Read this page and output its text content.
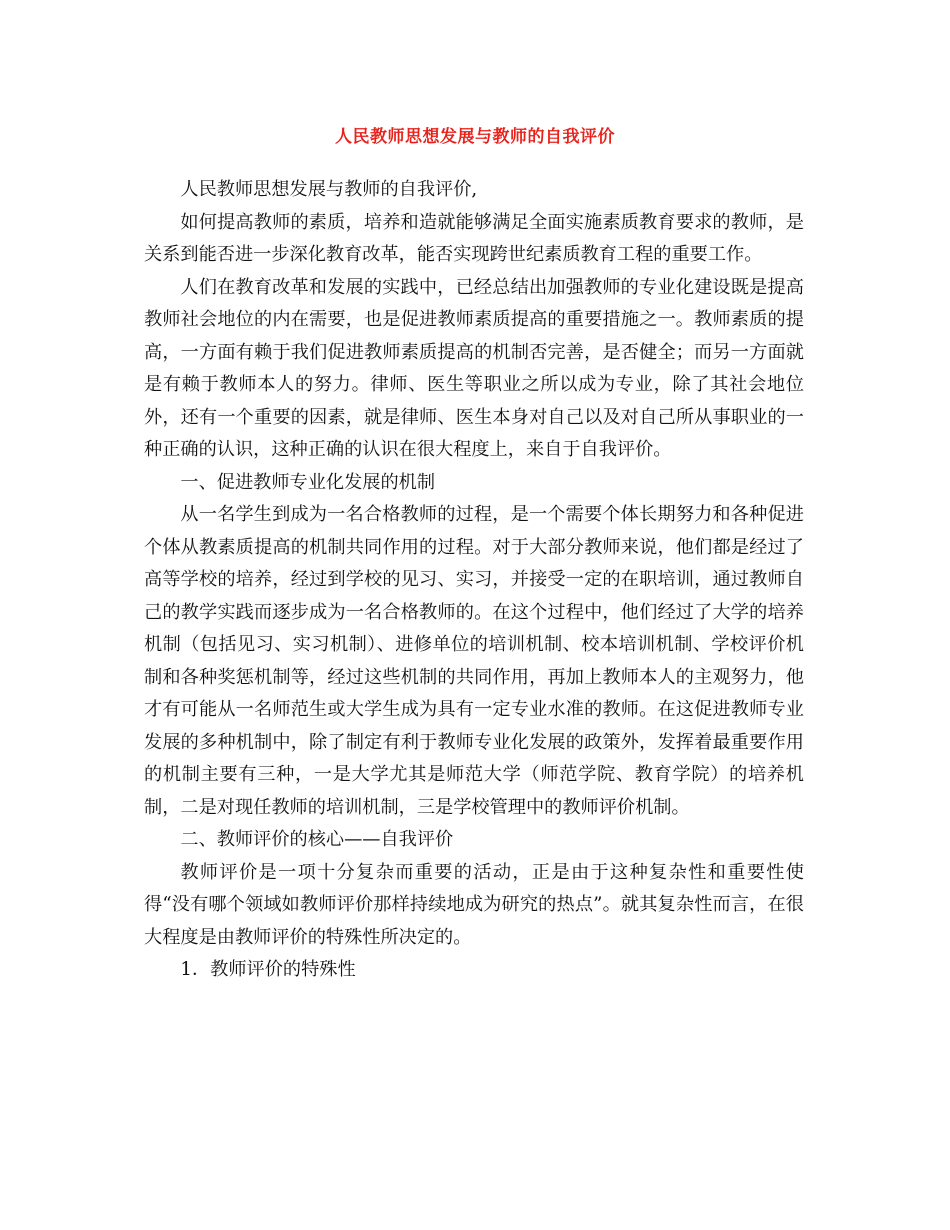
人民教师思想发展与教师的自我评价

人民教师思想发展与教师的自我评价,

如何提高教师的素质，培养和造就能够满足全面实施素质教育要求的教师，是关系到能否进一步深化教育改革，能否实现跨世纪素质教育工程的重要工作。

人们在教育改革和发展的实践中，已经总结出加强教师的专业化建设既是提高教师社会地位的内在需要，也是促进教师素质提高的重要措施之一。教师素质的提高，一方面有赖于我们促进教师素质提高的机制否完善，是否健全；而另一方面就是有赖于教师本人的努力。律师、医生等职业之所以成为专业，除了其社会地位外，还有一个重要的因素，就是律师、医生本身对自己以及对自己所从事职业的一种正确的认识，这种正确的认识在很大程度上，来自于自我评价。

一、促进教师专业化发展的机制

从一名学生到成为一名合格教师的过程，是一个需要个体长期努力和各种促进个体从教素质提高的机制共同作用的过程。对于大部分教师来说，他们都是经过了高等学校的培养，经过到学校的见习、实习，并接受一定的在职培训，通过教师自己的教学实践而逐步成为一名合格教师的。在这个过程中，他们经过了大学的培养机制（包括见习、实习机制）、进修单位的培训机制、校本培训机制、学校评价机制和各种奖惩机制等，经过这些机制的共同作用，再加上教师本人的主观努力，他才有可能从一名师范生或大学生成为具有一定专业水准的教师。在这促进教师专业发展的多种机制中，除了制定有利于教师专业化发展的政策外，发挥着最重要作用的机制主要有三种，一是大学尤其是师范大学（师范学院、教育学院）的培养机制，二是对现任教师的培训机制，三是学校管理中的教师评价机制。

二、教师评价的核心——自我评价

教师评价是一项十分复杂而重要的活动，正是由于这种复杂性和重要性使得“没有哪个领域如教师评价那样持续地成为研究的热点”。就其复杂性而言，在很大程度是由教师评价的特殊性所决定的。

1．教师评价的特殊性
